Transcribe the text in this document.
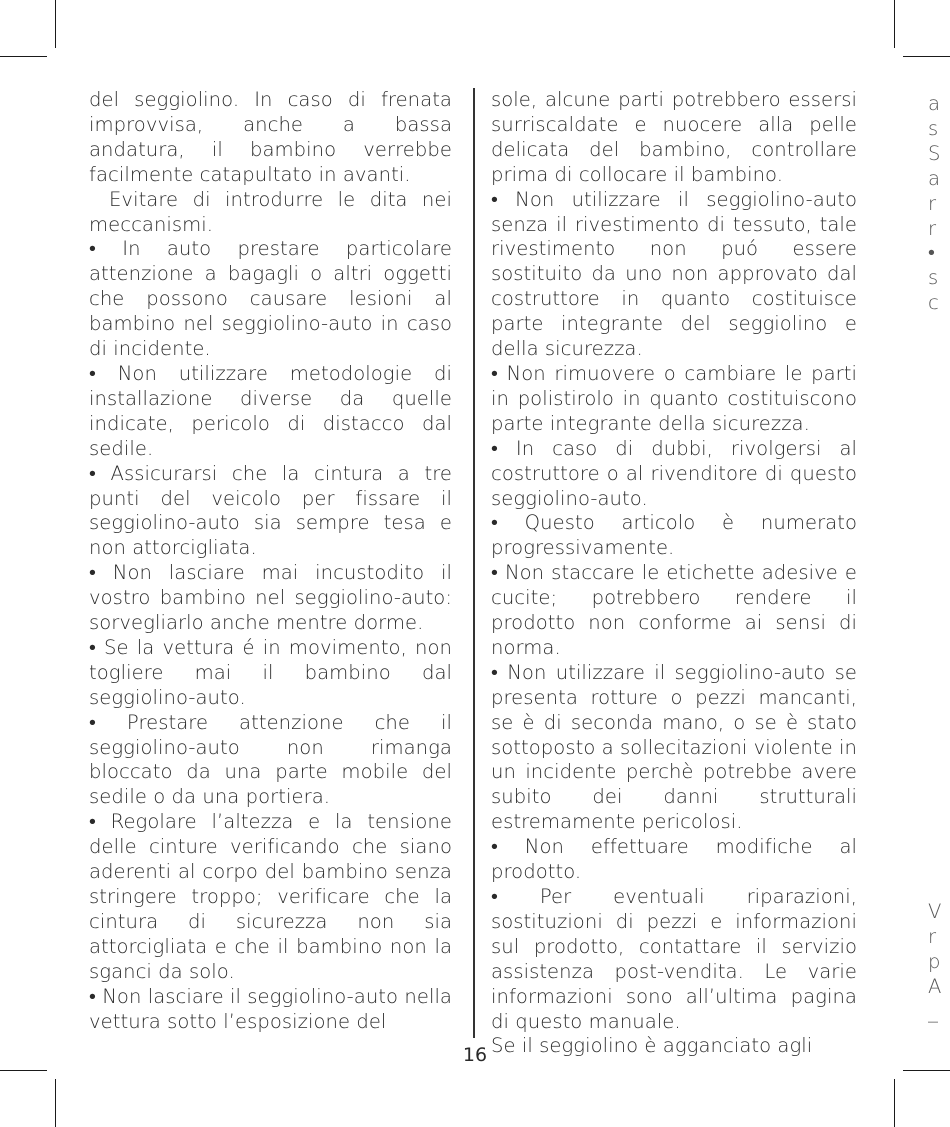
del seggiolino. In caso di frenata improvvisa, anche a bassa andatura, il bambino verrebbe facilmente catapultato in avanti.

Evitare di introdurre le dita nei meccanismi.

• In auto prestare particolare attenzione a bagagli o altri oggetti che possono causare lesioni al bambino nel seggiolino-auto in caso di incidente.

• Non utilizzare metodologie di installazione diverse da quelle indicate, pericolo di distacco dal sedile.

• Assicurarsi che la cintura a tre punti del veicolo per fissare il seggiolino-auto sia sempre tesa e non attorcigliata.

• Non lasciare mai incustodito il vostro bambino nel seggiolino-auto: sorvegliarlo anche mentre dorme.

• Se la vettura é in movimento, non togliere mai il bambino dal seggiolino-auto.

• Prestare attenzione che il seggiolino-auto non rimanga bloccato da una parte mobile del sedile o da una portiera.

• Regolare l’altezza e la tensione delle cinture verificando che siano aderenti al corpo del bambino senza stringere troppo; verificare che la cintura di sicurezza non sia attorcigliata e che il bambino non la sganci da solo.

• Non lasciare il seggiolino-auto nella vettura sotto l’esposizione del

sole, alcune parti potrebbero essersi surriscaldate e nuocere alla pelle delicata del bambino, controllare prima di collocare il bambino.

• Non utilizzare il seggiolino-auto senza il rivestimento di tessuto, tale rivestimento non puó essere sostituito da uno non approvato dal costruttore in quanto costituisce parte integrante del seggiolino e della sicurezza.

• Non rimuovere o cambiare le parti in polistirolo in quanto costituiscono parte integrante della sicurezza.

• In caso di dubbi, rivolgersi al costruttore o al rivenditore di questo seggiolino-auto.

• Questo articolo è numerato progressivamente.

• Non staccare le etichette adesive e cucite; potrebbero rendere il prodotto non conforme ai sensi di norma.

• Non utilizzare il seggiolino-auto se presenta rotture o pezzi mancanti, se è di seconda mano, o se è stato sottoposto a sollecitazioni violente in un incidente perchè potrebbe avere subito dei danni strutturali estremamente pericolosi.

• Non effettuare modifiche al prodotto.

• Per eventuali riparazioni, sostituzioni di pezzi e informazioni sul prodotto, contattare il servizio assistenza post-vendita. Le varie informazioni sono all’ultima pagina di questo manuale.

Se il seggiolino è agganciato agli

a
s
S
a
r
r
•
s
c
V
r
p
A
_
16
